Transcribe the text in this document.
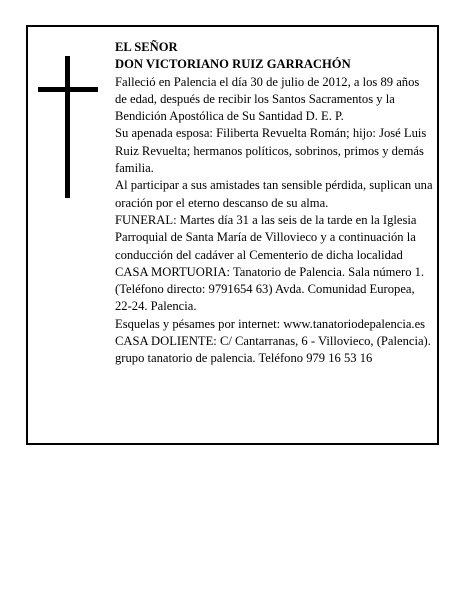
EL SEÑOR

DON VICTORIANO RUIZ GARRACHÓN

Falleció en Palencia el día 30 de julio de 2012, a los 89 años de edad, después de recibir los Santos Sacramentos y la Bendición Apostólica de Su Santidad D. E. P.

Su apenada esposa: Filiberta Revuelta Román; hijo: José Luis Ruiz Revuelta; hermanos políticos, sobrinos, primos y demás familia.

Al participar a sus amistades tan sensible pérdida, suplican una oración por el eterno descanso de su alma.

FUNERAL: Martes día 31 a las seis de la tarde en la Iglesia Parroquial de Santa María de Villovieco y a continuación la conducción del cadáver al Cementerio de dicha localidad

CASA MORTUORIA: Tanatorio de Palencia. Sala número 1. (Teléfono directo: 9791654 63) Avda. Comunidad Europea, 22-24. Palencia.

Esquelas y pésames por internet: www.tanatoriodepalencia.es

CASA DOLIENTE: C/ Cantarranas, 6 - Villovieco, (Palencia).

grupo tanatorio de palencia. Teléfono 979 16 53 16
